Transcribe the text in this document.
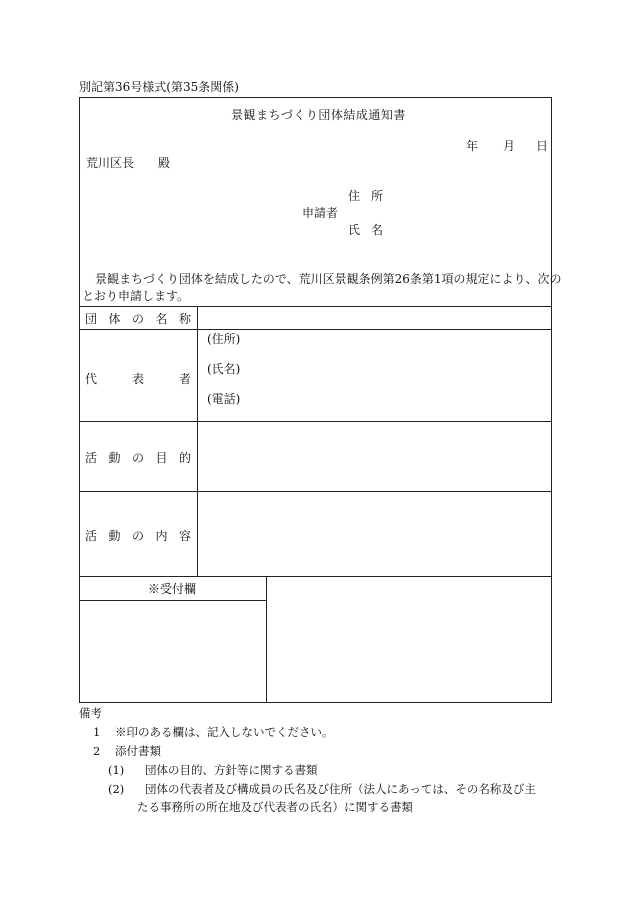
別記第36号様式(第35条関係)
景観まちづくり団体結成通知書
年 月 日
荒川区長　　殿
住 所
申請者
氏 名
景観まちづくり団体を結成したので、荒川区景観条例第26条第1項の規定により、次の
とおり申請します。
団 体 の 名 称
代	表	者
(住所)
(氏名)
(電話)
活 動 の 目 的
活 動 の 内 容
※受付欄
備考
1 ※印のある欄は、記入しないでください。
2 添付書類
(1) 団体の目的、方針等に関する書類
(2) 団体の代表者及び構成員の氏名及び住所（法人にあっては、その名称及び主
たる事務所の所在地及び代表者の氏名）に関する書類
